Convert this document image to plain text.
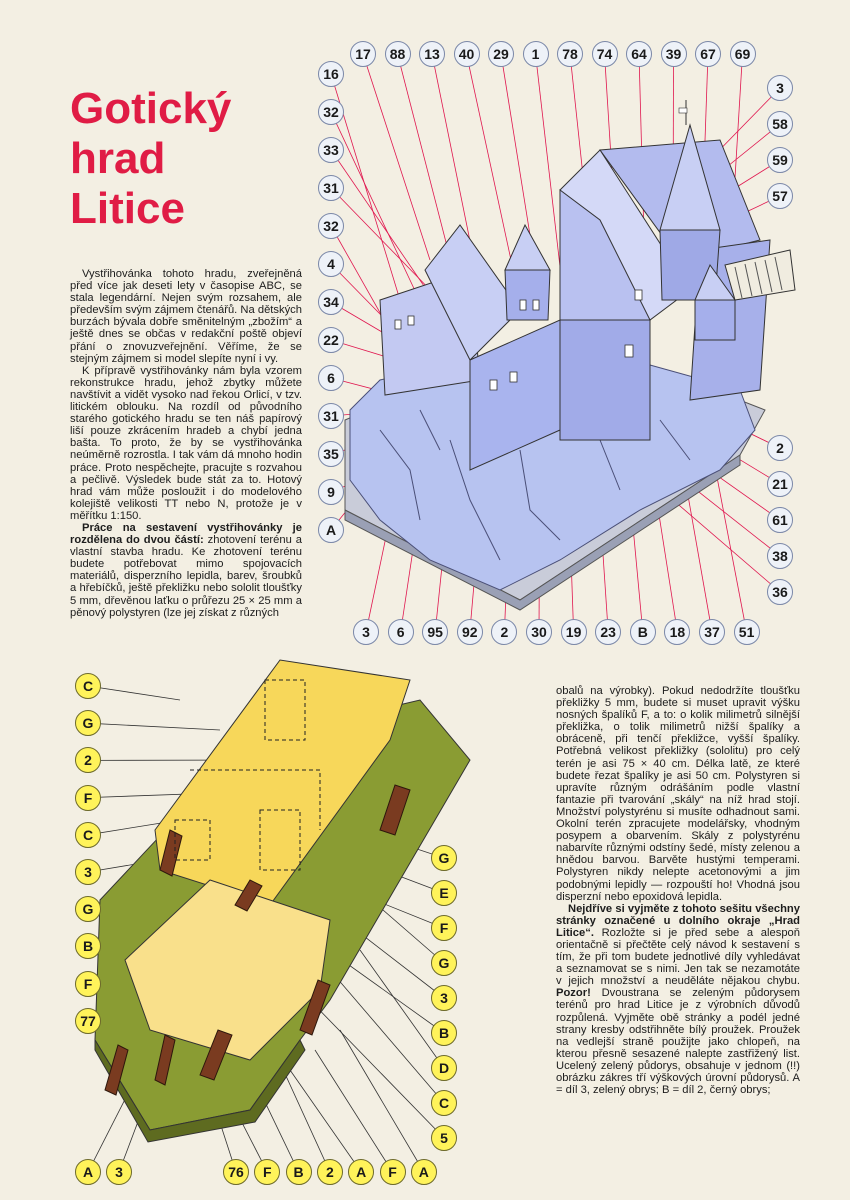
Gotický
hrad
Litice

Vystřihovánka tohoto hradu, zveřejněná před více jak deseti lety v časopise ABC, se stala legendární. Nejen svým rozsahem, ale především svým zájmem čtenářů. Na dětských burzách bývala dobře směnitelným „zbožím“ a ještě dnes se občas v redakční poště objeví přání o znovuzveřejnění. Věříme, že se stejným zájmem si model slepíte nyní i vy.

K přípravě vystřihovánky nám byla vzorem rekonstrukce hradu, jehož zbytky můžete navštívit a vidět vysoko nad řekou Orlicí, v tzv. litickém oblouku. Na rozdíl od původního starého gotického hradu se ten náš papírový liší pouze zkrácením hradeb a chybí jedna bašta. To proto, že by se vystřihovánka neúměrně rozrostla. I tak vám dá mnoho hodin práce. Proto nespěchejte, pracujte s rozvahou a pečlivě. Výsledek bude stát za to. Hotový hrad vám může posloužit i do modelového kolejiště velikosti TT nebo N, protože je v měřítku 1:150.

Práce na sestavení vystřihovánky je rozdělena do dvou částí: zhotovení terénu a vlastní stavba hradu. Ke zhotovení terénu budete potřebovat mimo spojovacích materiálů, disperzního lepidla, barev, šroubků a hřebíčků, ještě překližku nebo sololit tloušťky 5 mm, dřevěnou laťku o průřezu 25 × 25 mm a pěnový polystyren (lze jej získat z různých

obalů na výrobky). Pokud nedodržíte tloušťku překližky 5 mm, budete si muset upravit výšku nosných špalíků F, a to: o kolik milimetrů silnější překližka, o tolik milimetrů nižší špalíky a obráceně, při tenčí překližce, vyšší špalíky. Potřebná velikost překližky (sololitu) pro celý terén je asi 75 × 40 cm. Délka latě, ze které budete řezat špalíky je asi 50 cm. Polystyren si upravíte různým odrášáním podle vlastní fantazie při tvarování „skály“ na níž hrad stojí. Množství polystyrénu si musíte odhadnout sami. Okolní terén zpracujete modelářsky, vhodným posypem a obarvením. Skály z polystyrénu nabarvíte různými odstíny šedé, místy zelenou a hnědou barvou. Barvěte hustými temperami. Polystyren nikdy nelepte acetonovými a jim podobnými lepidly — rozpouští ho! Vhodná jsou disperzní nebo epoxidová lepidla.

Nejdříve si vyjměte z tohoto sešitu všechny stránky označené u dolního okraje „Hrad Litice“. Rozložte si je před sebe a alespoň orientačně si přečtěte celý návod k sestavení s tím, že při tom budete jednotlivé díly vyhledávat a seznamovat se s nimi. Jen tak se nezamotáte v jejich množství a neuděláte nějakou chybu. Pozor! Dvoustrana se zeleným půdorysem terénů pro hrad Litice je z výrobních důvodů rozpůlená. Vyjměte obě stránky a podél jedné strany kresby odstřihněte bílý proužek. Proužek na vedlejší straně použijte jako chlopeň, na kterou přesně sesazené nalepte zastřižený list. Ucelený zelený půdorys, obsahuje v jednom (!!) obrázku zákres tří výškových úrovní půdorysů. A = díl 3, zelený obrys; B = díl 2, černý obrys;

17	88	13	40	29	1	78	74	64	39	67	69
16
32
33
31
32
4
34
22
6
31
35
9
A
3
58
59
57
2
21
61
38
36
3	6	95	92	2	30	19	23	B	18	37	51
C
G
2
F
C
3
G
B
F
77
G
E
F
G
3
B
D
C
5
A	3	76	F	B	2	A	F	A
